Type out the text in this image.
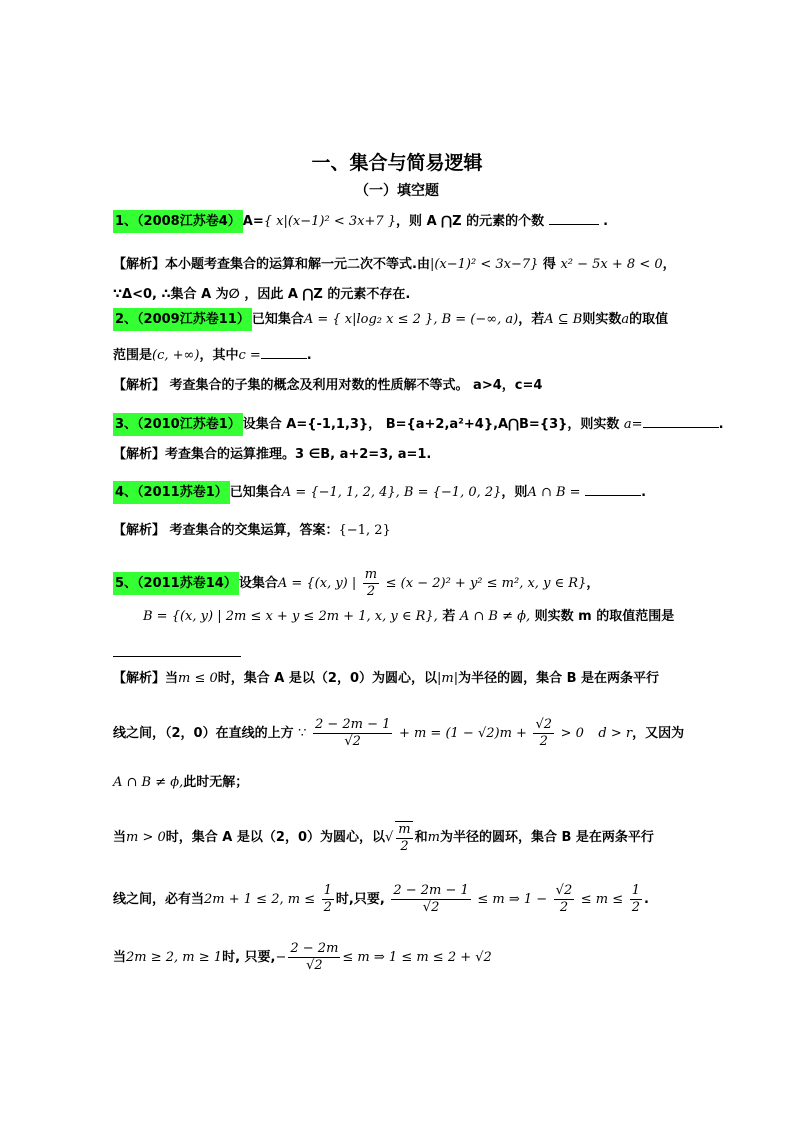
一、集合与简易逻辑
（一）填空题
1、（2008江苏卷4） A={ x|(x−1)² < 3x+7 }，则 A ⋂Z 的元素的个数	.
【解析】本小题考查集合的运算和解一元二次不等式.由|(x−1)² < 3x−7} 得 x² − 5x + 8 < 0，
∵Δ<0, ∴集合 A 为∅ ，因此 A ⋂Z 的元素不存在.
2、（2009江苏卷11） 已知集合A = { x|log₂ x ≤ 2 }, B = (−∞, a)，若A ⊆ B则实数a的取值
范围是(c, +∞)，其中c =	.
【解析】 考查集合的子集的概念及利用对数的性质解不等式。 a>4，c=4
3、（2010江苏卷1） 设集合 A={-1,1,3}， B={a+2,a²+4},A⋂B={3}，则实数 a=	.
【解析】考查集合的运算推理。3 ∈B, a+2=3, a=1.
4、（2011苏卷1） 已知集合A = {−1, 1, 2, 4}, B = {−1, 0, 2}，则A ∩ B =	.
【解析】 考查集合的交集运算，答案：{−1, 2}
5、（2011苏卷14） 设集合A = {(x, y) | $\frac{m}{2} \le (x - 2)^2 + y^2 \le m^2$, x, y ∈ R}，
B = {(x, y) | 2m ≤ x + y ≤ 2m + 1, x, y ∈ R}, 若 A ∩ B ≠ ϕ, 则实数 m 的取值范围是
【解析】当m ≤ 0时，集合 A 是以（2，0）为圆心，以|m|为半径的圆，集合 B 是在两条平行
线之间，（2，0）在直线的上方 ∵ $\frac{2 - 2m - 1}{√2} + m = (1 - √2)m + \frac{√2}{2} > 0$ d > r，又因为
A ∩ B ≠ ϕ,此时无解；
当m > 0时，集合 A 是以（2，0）为圆心，以√ $\frac{m}{2}$ 和m为半径的圆环，集合 B 是在两条平行
线之间，必有当2m + 1 ≤ 2, $m \le \frac{1}{2}$ 时,只要, $\frac{2 - 2m - 1}{√2} \le m$ ⇒ $1 - \frac{√2}{2} \le m \le \frac{1}{2}$ .
当2m ≥ 2, m ≥ 1时, 只要,− $\frac{2 - 2m}{√2} \le m$ ⇒ 1 ≤ m ≤ 2 + √2
